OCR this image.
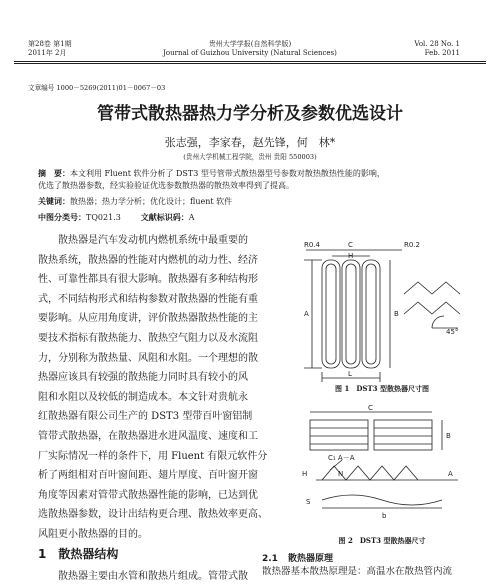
第28卷 第1期
2011年 2月
贵州大学学报(自然科学版)
Journal of Guizhou University (Natural Sciences)
Vol. 28 No. 1
Feb. 2011
文章编号 1000－5269(2011)01－0067－03
管带式散热器热力学分析及参数优选设计
张志强，李家春，赵先锋，何　林*
(贵州大学机械工程学院，贵州 贵阳 550003)
摘　要：本文利用 Fluent 软件分析了 DST3 型号管带式散热器型号参数对散热散热性能的影响，
优选了散热器参数，经实验验证优选参数散热器的散热效率得到了提高。
关键词：散热器；热力学分析；优化设计；fluent 软件
中图分类号：TQ021.3	文献标识码：A
　　散热器是汽车发动机内燃机系统中最重要的
散热系统，散热器的性能对内燃机的动力性、经济
性、可靠性都具有很大影响。散热器有多种结构形
式，不同结构形式和结构参数对散热器的性能有重
要影响。从应用角度讲，评价散热器散热性能的主
要技术指标有散热能力、散热空气阻力以及水流阻
力，分别称为散热量、风阻和水阻。一个理想的散
热器应该具有较强的散热能力同时具有较小的风
阻和水阻以及较低的制造成本。本文针对贵航永
红散热器有限公司生产的 DST3 型带百叶窗铝制
管带式散热器，在散热器进水进风温度、速度和工
厂实际情况一样的条件下，用 Fluent 有限元软件分
析了两组相对百叶窗间距、翅片厚度、百叶窗开窗
角度等因素对管带式散热器性能的影响，已达到优
选散热器参数，设计出结构更合理、散热效率更高、
风阻更小散热器的目的。
1 散热器结构
　　散热器主要由水管和散热片组成。管带式散
R0.4	C	R0.2
H
A	B
45°
L
图 1　DST3 型散热器尺寸图
C
B
C₁ A－A
H	N	A
S
b
图 2　DST3 型散热器尺寸
2.1 散热器原理
散热器基本散热原理是：高温水在散热管内流
